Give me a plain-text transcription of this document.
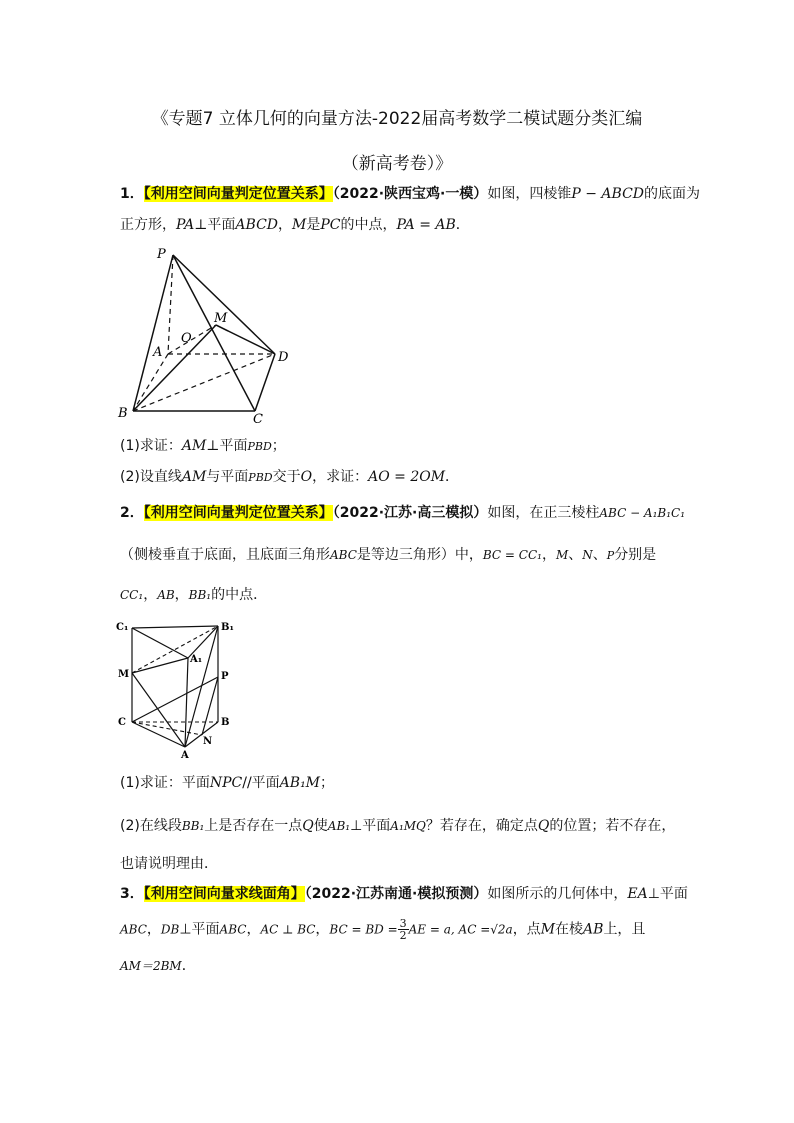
《专题7 立体几何的向量方法-2022届高考数学二模试题分类汇编
（新高考卷）》
1．【利用空间向量判定位置关系】（2022·陕西宝鸡·一模）如图，四棱锥P − ABCD的底面为
正方形，PA⊥平面ABCD，M是PC的中点，PA = AB．
P
A
B	C
D
M
O
(1)求证：AM⊥平面PBD；
(2)设直线AM与平面PBD交于O，求证：AO = 2OM．
2．【利用空间向量判定位置关系】（2022·江苏·高三模拟）如图，在正三棱柱ABC − A₁B₁C₁
（侧棱垂直于底面，且底面三角形ABC是等边三角形）中，BC = CC₁，M、N、P分别是
CC₁，AB，BB₁的中点．
C₁	B₁
A₁
M	P
C	B
A
N
(1)求证：平面NPC//平面AB₁M；
(2)在线段BB₁上是否存在一点Q使AB₁⊥平面A₁MQ？若存在，确定点Q的位置；若不存在，
也请说明理由．
3．【利用空间向量求线面角】（2022·江苏南通·模拟预测）如图所示的几何体中，EA⊥平面
ABC，DB⊥平面ABC，AC ⊥ BC，BC = BD = $\frac{3}{2}$ AE = a, AC =√2a，点M在棱AB上，且
AM＝2BM．
